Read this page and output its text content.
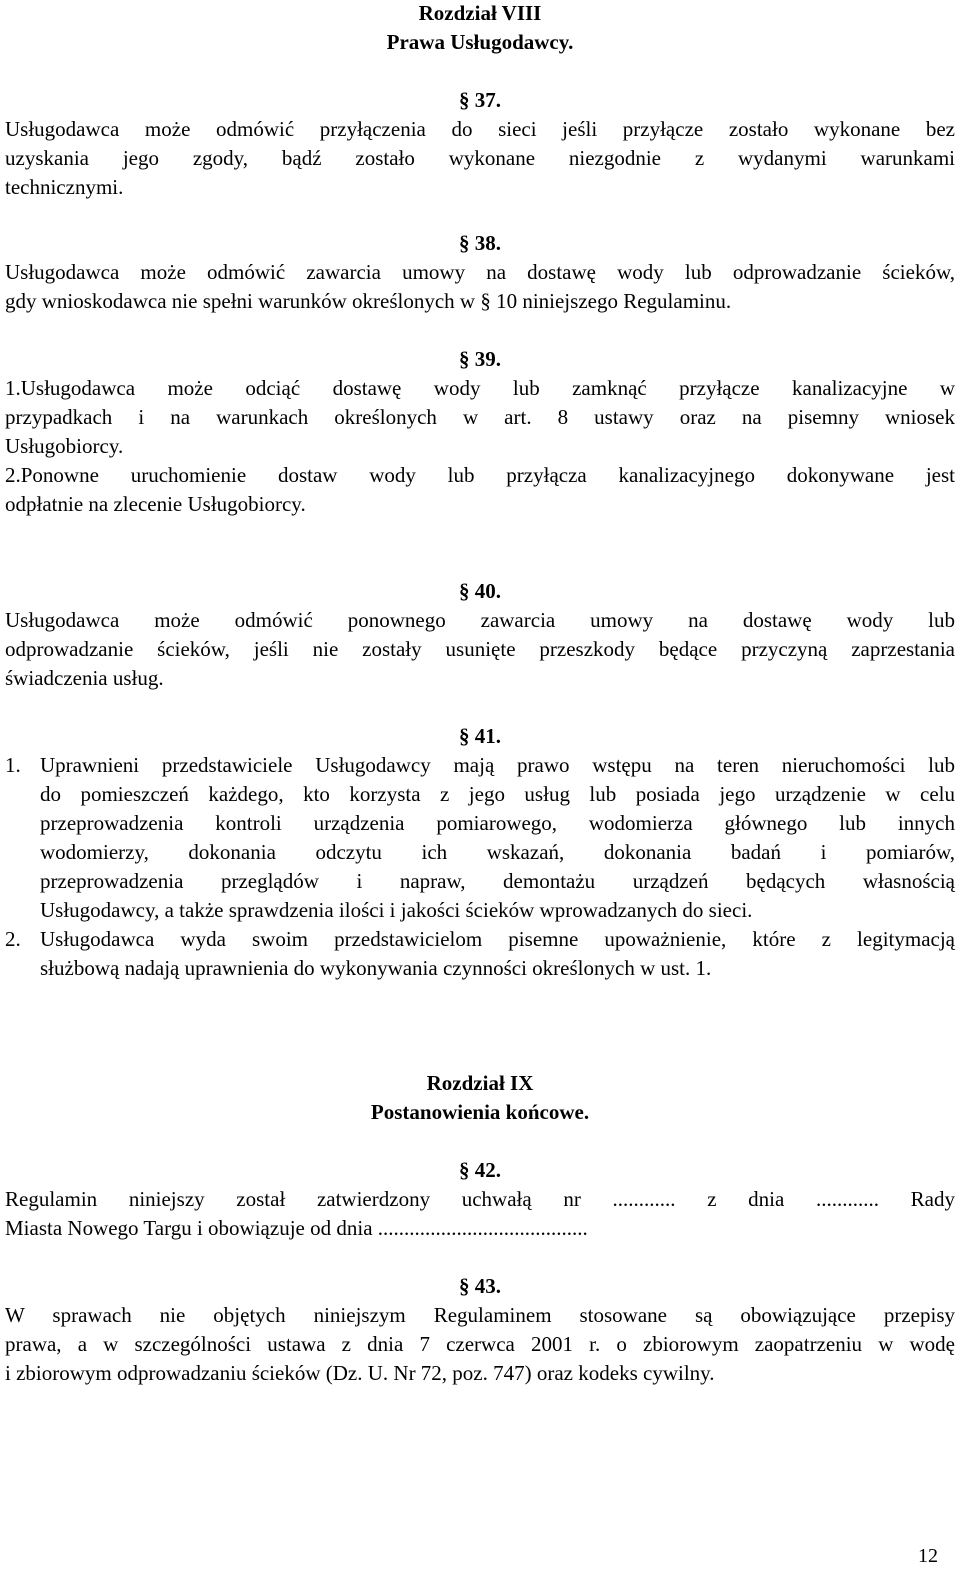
Rozdział VIII
Prawa Usługodawcy.
§ 37.
Usługodawca może odmówić przyłączenia do sieci jeśli przyłącze zostało wykonane bez
uzyskania jego zgody, bądź zostało wykonane niezgodnie z wydanymi warunkami
technicznymi.
§ 38.
Usługodawca może odmówić zawarcia umowy na dostawę wody lub odprowadzanie ścieków,
gdy wnioskodawca nie spełni warunków określonych w § 10 niniejszego Regulaminu.
§ 39.
1.Usługodawca może odciąć dostawę wody lub zamknąć przyłącze kanalizacyjne w
przypadkach i na warunkach określonych w art. 8 ustawy oraz na pisemny wniosek
Usługobiorcy.
2.Ponowne uruchomienie dostaw wody lub przyłącza kanalizacyjnego dokonywane jest
odpłatnie na zlecenie Usługobiorcy.
§ 40.
Usługodawca może odmówić ponownego zawarcia umowy na dostawę wody lub
odprowadzanie ścieków, jeśli nie zostały usunięte przeszkody będące przyczyną zaprzestania
świadczenia usług.
§ 41.
1. Uprawnieni przedstawiciele Usługodawcy mają prawo wstępu na teren nieruchomości lub
do pomieszczeń każdego, kto korzysta z jego usług lub posiada jego urządzenie w celu
przeprowadzenia kontroli urządzenia pomiarowego, wodomierza głównego lub innych
wodomierzy, dokonania odczytu ich wskazań, dokonania badań i pomiarów,
przeprowadzenia przeglądów i napraw, demontażu urządzeń będących własnością
Usługodawcy, a także sprawdzenia ilości i jakości ścieków wprowadzanych do sieci.
2. Usługodawca wyda swoim przedstawicielom pisemne upoważnienie, które z legitymacją
służbową nadają uprawnienia do wykonywania czynności określonych w ust. 1.
Rozdział IX
Postanowienia końcowe.
§ 42.
Regulamin niniejszy został zatwierdzony uchwałą nr ............ z dnia ............ Rady
Miasta Nowego Targu i obowiązuje od dnia ........................................
§ 43.
W sprawach nie objętych niniejszym Regulaminem stosowane są obowiązujące przepisy
prawa, a w szczególności ustawa z dnia 7 czerwca 2001 r. o zbiorowym zaopatrzeniu w wodę
i zbiorowym odprowadzaniu ścieków (Dz. U. Nr 72, poz. 747) oraz kodeks cywilny.
12
